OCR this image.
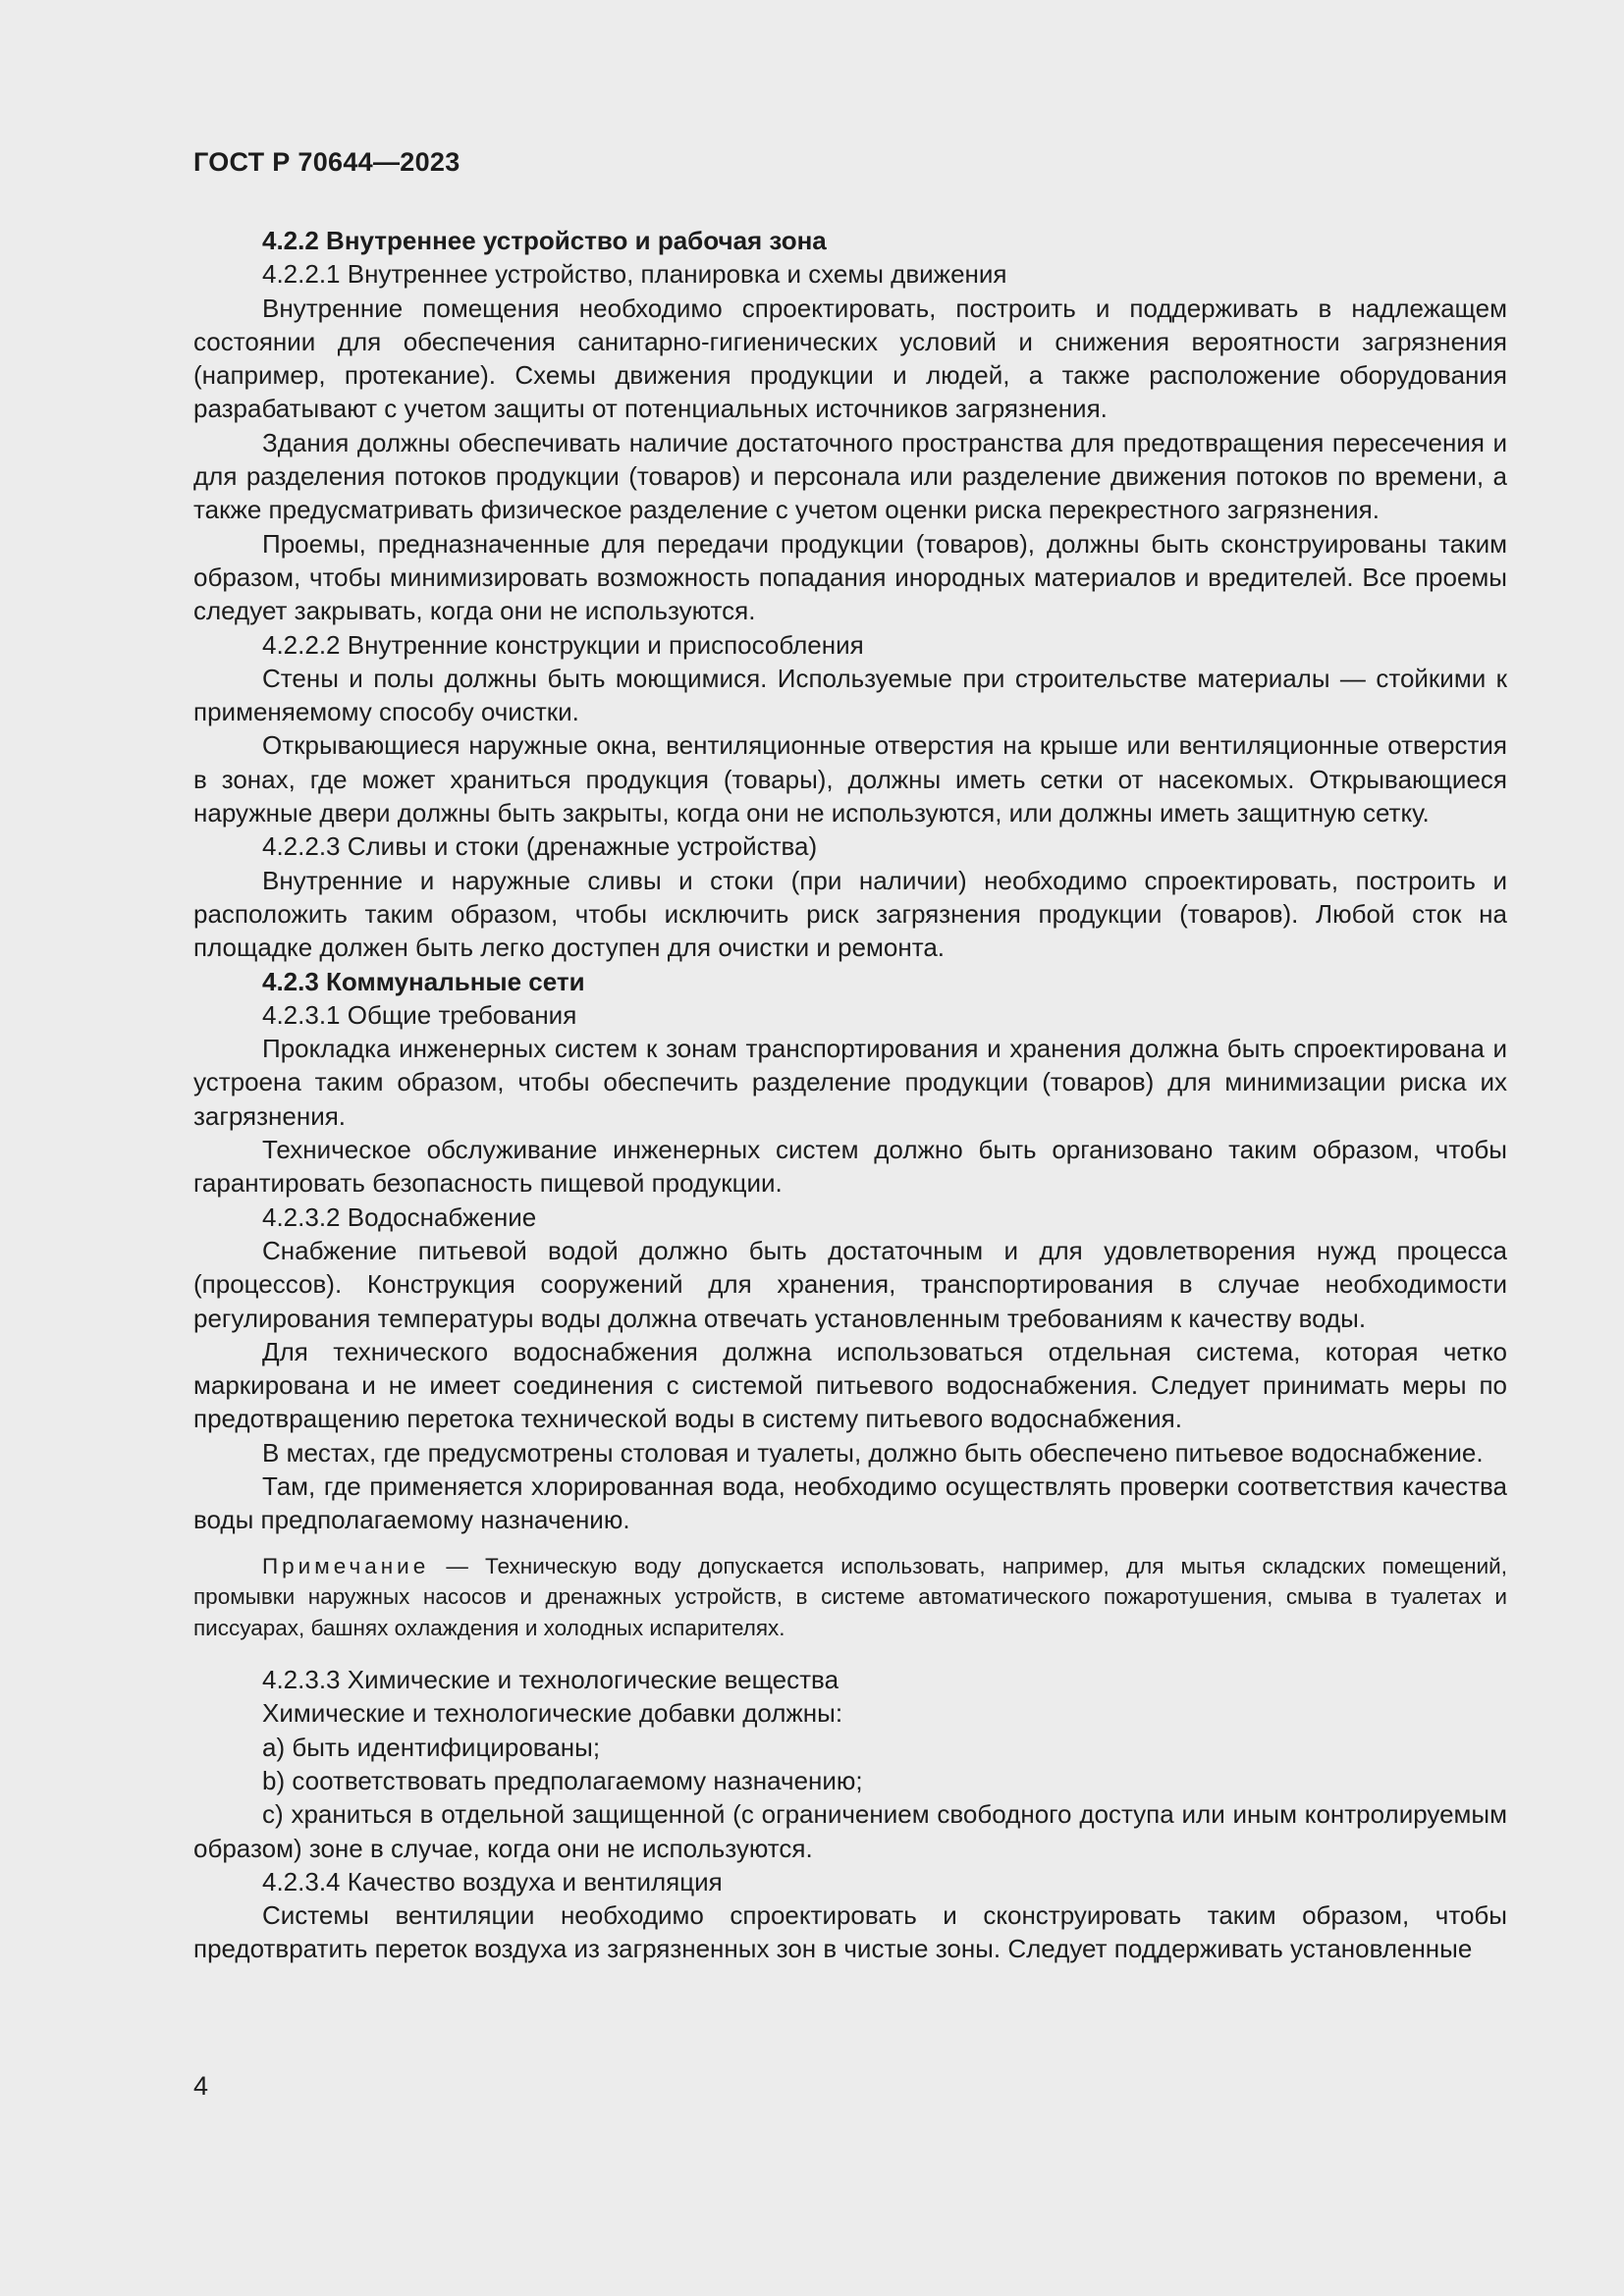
ГОСТ Р 70644—2023

4.2.2 Внутреннее устройство и рабочая зона

4.2.2.1 Внутреннее устройство, планировка и схемы движения

Внутренние помещения необходимо спроектировать, построить и поддерживать в надлежащем состоянии для обеспечения санитарно-гигиенических условий и снижения вероятности загрязнения (например, протекание). Схемы движения продукции и людей, а также расположение оборудования разрабатывают с учетом защиты от потенциальных источников загрязнения.

Здания должны обеспечивать наличие достаточного пространства для предотвращения пересечения и для разделения потоков продукции (товаров) и персонала или разделение движения потоков по времени, а также предусматривать физическое разделение с учетом оценки риска перекрестного загрязнения.

Проемы, предназначенные для передачи продукции (товаров), должны быть сконструированы таким образом, чтобы минимизировать возможность попадания инородных материалов и вредителей. Все проемы следует закрывать, когда они не используются.

4.2.2.2 Внутренние конструкции и приспособления

Стены и полы должны быть моющимися. Используемые при строительстве материалы — стойкими к применяемому способу очистки.

Открывающиеся наружные окна, вентиляционные отверстия на крыше или вентиляционные отверстия в зонах, где может храниться продукция (товары), должны иметь сетки от насекомых. Открывающиеся наружные двери должны быть закрыты, когда они не используются, или должны иметь защитную сетку.

4.2.2.3 Сливы и стоки (дренажные устройства)

Внутренние и наружные сливы и стоки (при наличии) необходимо спроектировать, построить и расположить таким образом, чтобы исключить риск загрязнения продукции (товаров). Любой сток на площадке должен быть легко доступен для очистки и ремонта.

4.2.3 Коммунальные сети

4.2.3.1 Общие требования

Прокладка инженерных систем к зонам транспортирования и хранения должна быть спроектирована и устроена таким образом, чтобы обеспечить разделение продукции (товаров) для минимизации риска их загрязнения.

Техническое обслуживание инженерных систем должно быть организовано таким образом, чтобы гарантировать безопасность пищевой продукции.

4.2.3.2 Водоснабжение

Снабжение питьевой водой должно быть достаточным и для удовлетворения нужд процесса (процессов). Конструкция сооружений для хранения, транспортирования в случае необходимости регулирования температуры воды должна отвечать установленным требованиям к качеству воды.

Для технического водоснабжения должна использоваться отдельная система, которая четко маркирована и не имеет соединения с системой питьевого водоснабжения. Следует принимать меры по предотвращению перетока технической воды в систему питьевого водоснабжения.

В местах, где предусмотрены столовая и туалеты, должно быть обеспечено питьевое водоснабжение.

Там, где применяется хлорированная вода, необходимо осуществлять проверки соответствия качества воды предполагаемому назначению.

Примечание — Техническую воду допускается использовать, например, для мытья складских помещений, промывки наружных насосов и дренажных устройств, в системе автоматического пожаротушения, смыва в туалетах и писсуарах, башнях охлаждения и холодных испарителях.

4.2.3.3 Химические и технологические вещества

Химические и технологические добавки должны:

а) быть идентифицированы;

b) соответствовать предполагаемому назначению;

с) храниться в отдельной защищенной (с ограничением свободного доступа или иным контролируемым образом) зоне в случае, когда они не используются.

4.2.3.4 Качество воздуха и вентиляция

Системы вентиляции необходимо спроектировать и сконструировать таким образом, чтобы предотвратить переток воздуха из загрязненных зон в чистые зоны. Следует поддерживать установленные

4
